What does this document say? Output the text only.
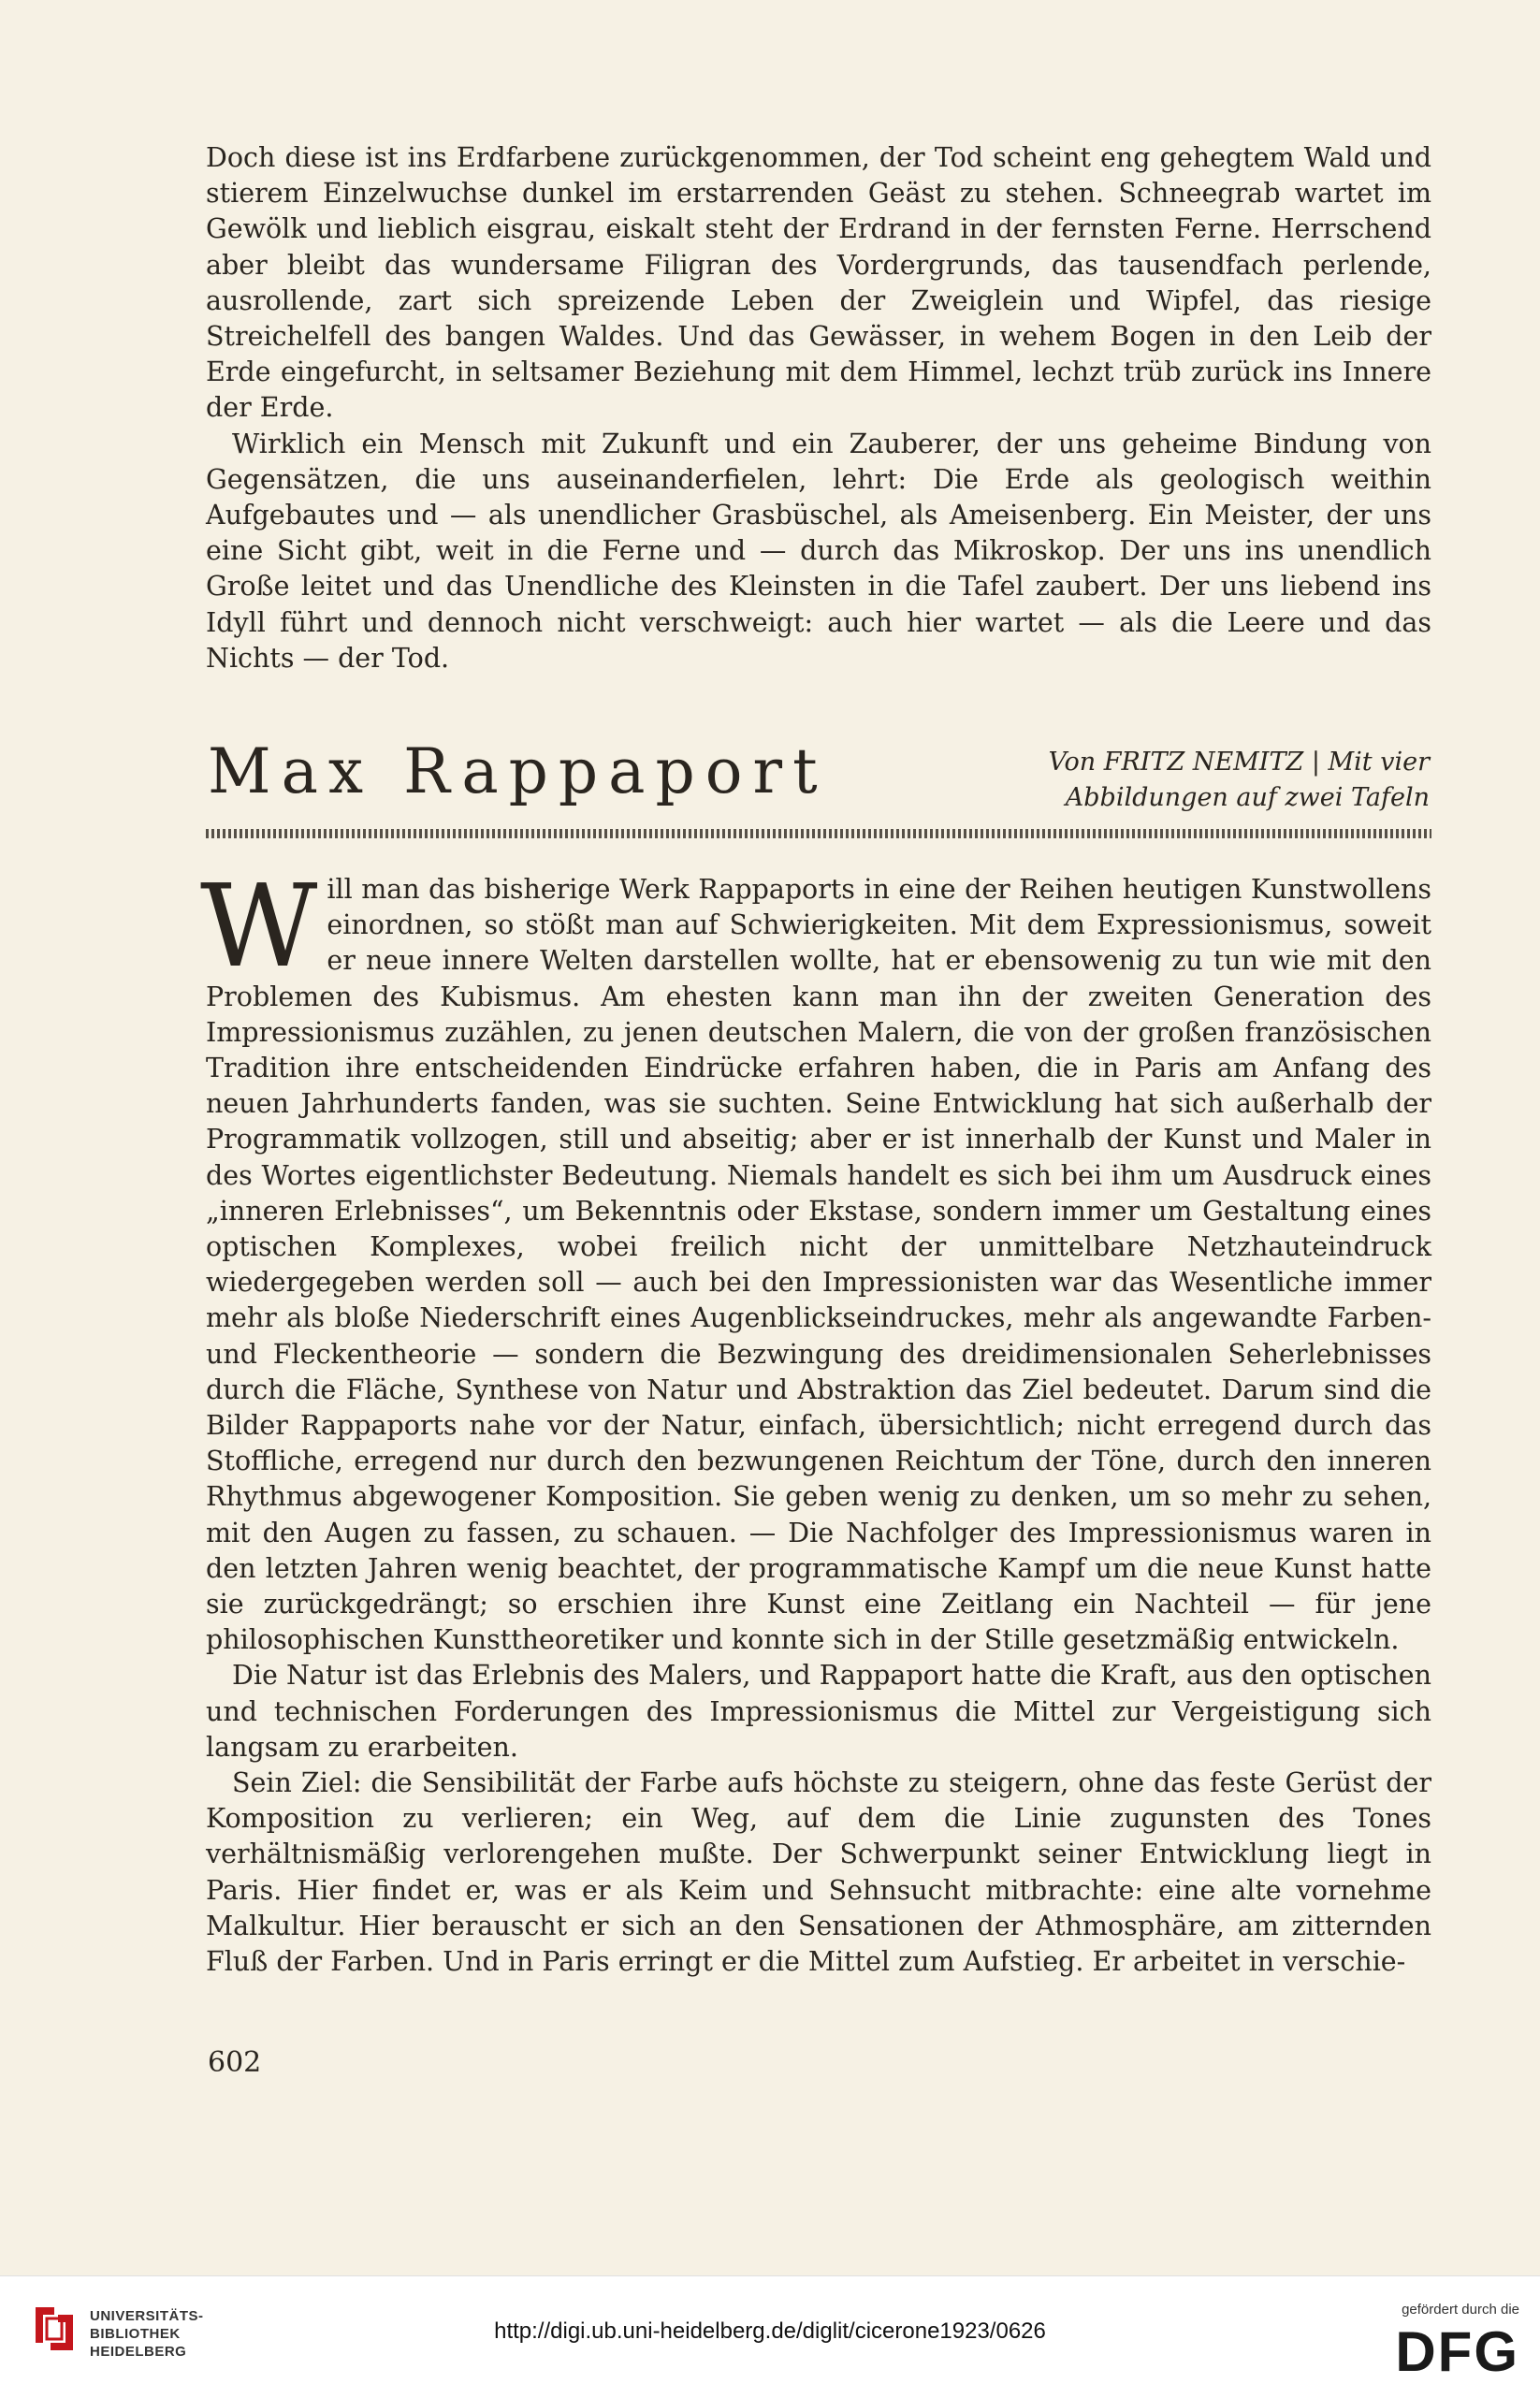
Doch diese ist ins Erdfarbene zurückgenommen, der Tod scheint eng gehegtem Wald und stierem Einzelwuchse dunkel im erstarrenden Geäst zu stehen. Schneegrab wartet im Gewölk und lieblich eisgrau, eiskalt steht der Erdrand in der fernsten Ferne. Herrschend aber bleibt das wundersame Filigran des Vordergrunds, das tausendfach perlende, ausrollende, zart sich spreizende Leben der Zweiglein und Wipfel, das riesige Streichelfell des bangen Waldes. Und das Gewässer, in wehem Bogen in den Leib der Erde eingefurcht, in seltsamer Beziehung mit dem Himmel, lechzt trüb zurück ins Innere der Erde.

Wirklich ein Mensch mit Zukunft und ein Zauberer, der uns geheime Bindung von Gegensätzen, die uns auseinanderfielen, lehrt: Die Erde als geologisch weithin Aufgebautes und — als unendlicher Grasbüschel, als Ameisenberg. Ein Meister, der uns eine Sicht gibt, weit in die Ferne und — durch das Mikroskop. Der uns ins unendlich Große leitet und das Unendliche des Kleinsten in die Tafel zaubert. Der uns liebend ins Idyll führt und dennoch nicht verschweigt: auch hier wartet — als die Leere und das Nichts — der Tod.

Max Rappaport	Von FRITZ NEMITZ | Mit vier Abbildungen auf zwei Tafeln

Will man das bisherige Werk Rappaports in eine der Reihen heutigen Kunstwollens einordnen, so stößt man auf Schwierigkeiten. Mit dem Expressionismus, soweit er neue innere Welten darstellen wollte, hat er ebensowenig zu tun wie mit den Problemen des Kubismus. Am ehesten kann man ihn der zweiten Generation des Impressionismus zuzählen, zu jenen deutschen Malern, die von der großen französischen Tradition ihre entscheidenden Eindrücke erfahren haben, die in Paris am Anfang des neuen Jahrhunderts fanden, was sie suchten. Seine Entwicklung hat sich außerhalb der Programmatik vollzogen, still und abseitig; aber er ist innerhalb der Kunst und Maler in des Wortes eigentlichster Bedeutung. Niemals handelt es sich bei ihm um Ausdruck eines „inneren Erlebnisses“, um Bekenntnis oder Ekstase, sondern immer um Gestaltung eines optischen Komplexes, wobei freilich nicht der unmittelbare Netzhauteindruck wiedergegeben werden soll — auch bei den Impressionisten war das Wesentliche immer mehr als bloße Niederschrift eines Augenblickseindruckes, mehr als angewandte Farben- und Fleckentheorie — sondern die Bezwingung des dreidimensionalen Seherlebnisses durch die Fläche, Synthese von Natur und Abstraktion das Ziel bedeutet. Darum sind die Bilder Rappaports nahe vor der Natur, einfach, übersichtlich; nicht erregend durch das Stoffliche, erregend nur durch den bezwungenen Reichtum der Töne, durch den inneren Rhythmus abgewogener Komposition. Sie geben wenig zu denken, um so mehr zu sehen, mit den Augen zu fassen, zu schauen. — Die Nachfolger des Impressionismus waren in den letzten Jahren wenig beachtet, der programmatische Kampf um die neue Kunst hatte sie zurückgedrängt; so erschien ihre Kunst eine Zeitlang ein Nachteil — für jene philosophischen Kunsttheoretiker und konnte sich in der Stille gesetzmäßig entwickeln.

Die Natur ist das Erlebnis des Malers, und Rappaport hatte die Kraft, aus den optischen und technischen Forderungen des Impressionismus die Mittel zur Vergeistigung sich langsam zu erarbeiten.

Sein Ziel: die Sensibilität der Farbe aufs höchste zu steigern, ohne das feste Gerüst der Komposition zu verlieren; ein Weg, auf dem die Linie zugunsten des Tones verhältnismäßig verlorengehen mußte. Der Schwerpunkt seiner Entwicklung liegt in Paris. Hier findet er, was er als Keim und Sehnsucht mitbrachte: eine alte vornehme Malkultur. Hier berauscht er sich an den Sensationen der Athmosphäre, am zitternden Fluß der Farben. Und in Paris erringt er die Mittel zum Aufstieg. Er arbeitet in verschie-

602
UNIVERSITÄTS-
BIBLIOTHEK
HEIDELBERG
http://digi.ub.uni-heidelberg.de/diglit/cicerone1923/0626
gefördert durch die
DFG
